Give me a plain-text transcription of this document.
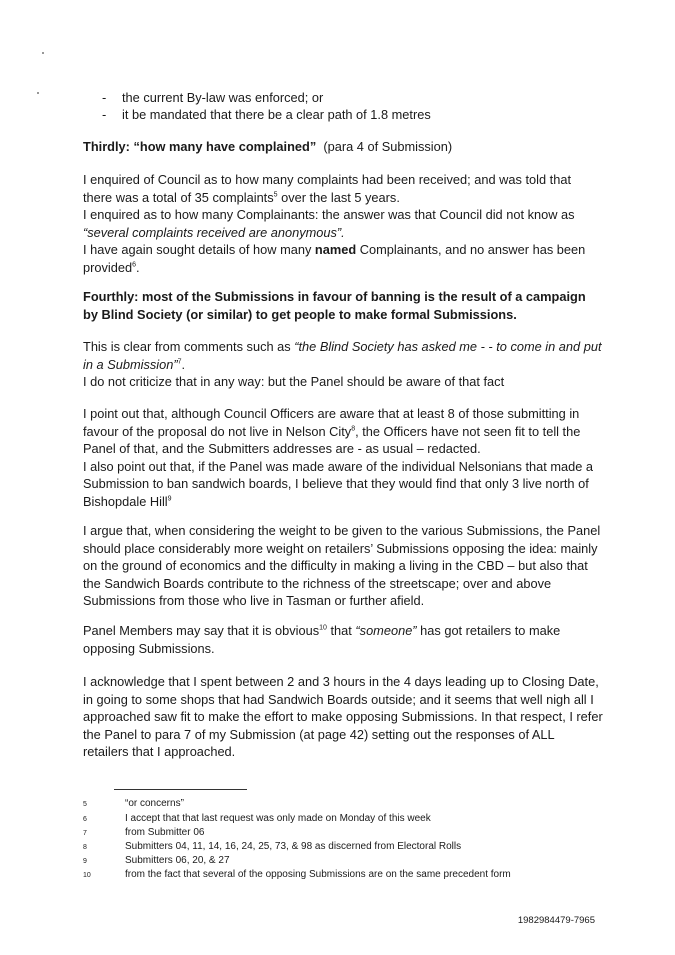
- the current By-law was enforced; or
- it be mandated that there be a clear path of 1.8 metres
Thirdly: “how many have complained” (para 4 of Submission)
I enquired of Council as to how many complaints had been received; and was told that there was a total of 35 complaints$^5$ over the last 5 years.
I enquired as to how many Complainants: the answer was that Council did not know as
“several complaints received are anonymous”.
I have again sought details of how many named Complainants, and no answer has been provided$^6$.
Fourthly: most of the Submissions in favour of banning is the result of a campaign by Blind Society (or similar) to get people to make formal Submissions.
This is clear from comments such as “the Blind Society has asked me - - to come in and put in a Submission”$^7$.
I do not criticize that in any way: but the Panel should be aware of that fact
I point out that, although Council Officers are aware that at least 8 of those submitting in favour of the proposal do not live in Nelson City$^8$, the Officers have not seen fit to tell the Panel of that, and the Submitters addresses are - as usual – redacted.
I also point out that, if the Panel was made aware of the individual Nelsonians that made a Submission to ban sandwich boards, I believe that they would find that only 3 live north of Bishopdale Hill$^9$
I argue that, when considering the weight to be given to the various Submissions, the Panel should place considerably more weight on retailers’ Submissions opposing the idea: mainly on the ground of economics and the difficulty in making a living in the CBD – but also that the Sandwich Boards contribute to the richness of the streetscape; over and above Submissions from those who live in Tasman or further afield.
Panel Members may say that it is obvious$^{10}$ that “someone” has got retailers to make opposing Submissions.
I acknowledge that I spent between 2 and 3 hours in the 4 days leading up to Closing Date, in going to some shops that had Sandwich Boards outside; and it seems that well nigh all I approached saw fit to make the effort to make opposing Submissions. In that respect, I refer the Panel to para 7 of my Submission (at page 42) setting out the responses of ALL retailers that I approached.
5	“or concerns”
6	I accept that that last request was only made on Monday of this week
7	from Submitter 06
8	Submitters 04, 11, 14, 16, 24, 25, 73, & 98 as discerned from Electoral Rolls
9	Submitters 06, 20, & 27
10	from the fact that several of the opposing Submissions are on the same precedent form
1982984479-7965
